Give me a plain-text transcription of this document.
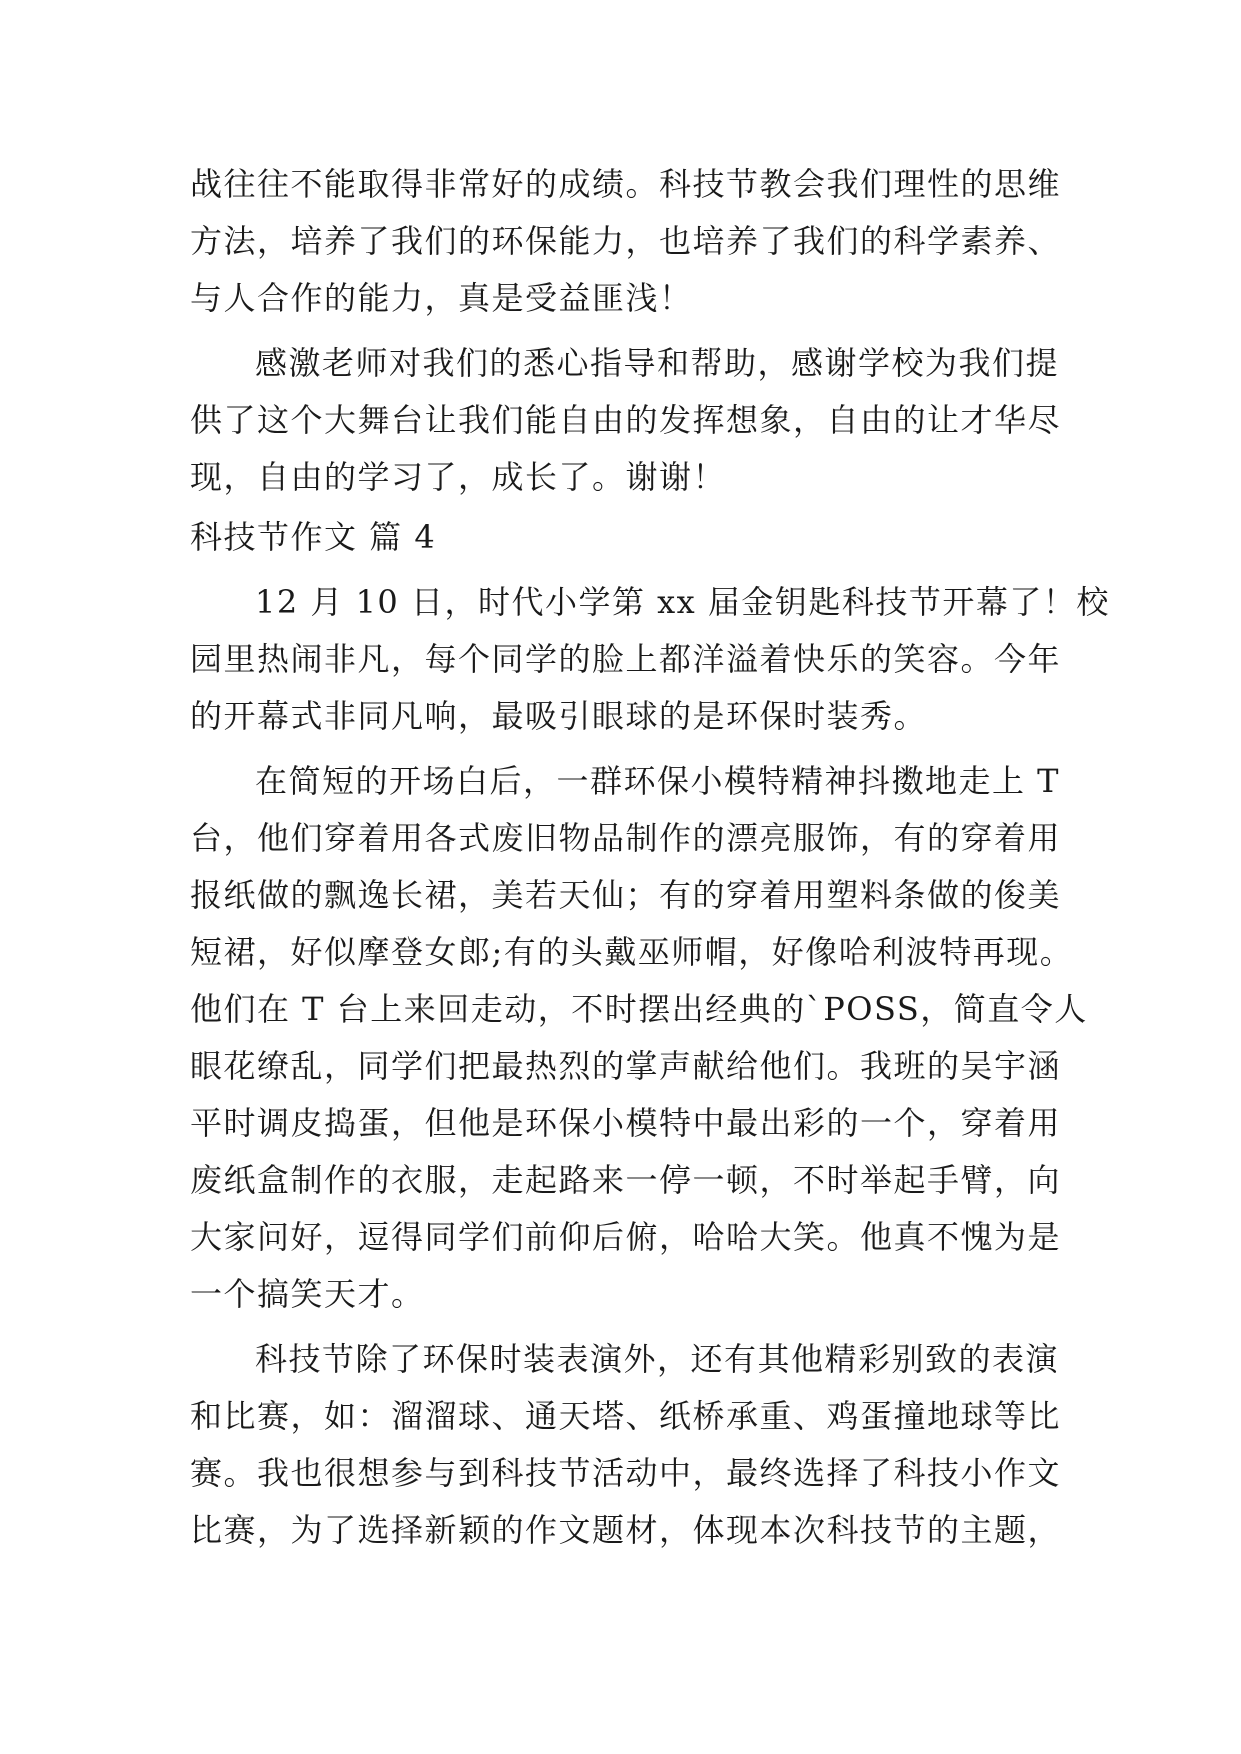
战往往不能取得非常好的成绩。科技节教会我们理性的思维
方法，培养了我们的环保能力，也培养了我们的科学素养、
与人合作的能力，真是受益匪浅！
感激老师对我们的悉心指导和帮助，感谢学校为我们提
供了这个大舞台让我们能自由的发挥想象，自由的让才华尽
现，自由的学习了，成长了。谢谢！
科技节作文 篇 4
12 月 10 日，时代小学第 xx 届金钥匙科技节开幕了！校
园里热闹非凡，每个同学的脸上都洋溢着快乐的笑容。今年
的开幕式非同凡响，最吸引眼球的是环保时装秀。
在简短的开场白后，一群环保小模特精神抖擞地走上 T
台，他们穿着用各式废旧物品制作的漂亮服饰，有的穿着用
报纸做的飘逸长裙，美若天仙；有的穿着用塑料条做的俊美
短裙，好似摩登女郎;有的头戴巫师帽，好像哈利波特再现。
他们在 T 台上来回走动，不时摆出经典的`POSS，简直令人
眼花缭乱，同学们把最热烈的掌声献给他们。我班的吴宇涵
平时调皮捣蛋，但他是环保小模特中最出彩的一个，穿着用
废纸盒制作的衣服，走起路来一停一顿，不时举起手臂，向
大家问好，逗得同学们前仰后俯，哈哈大笑。他真不愧为是
一个搞笑天才。
科技节除了环保时装表演外，还有其他精彩别致的表演
和比赛，如：溜溜球、通天塔、纸桥承重、鸡蛋撞地球等比
赛。我也很想参与到科技节活动中，最终选择了科技小作文
比赛，为了选择新颖的作文题材，体现本次科技节的主题，
